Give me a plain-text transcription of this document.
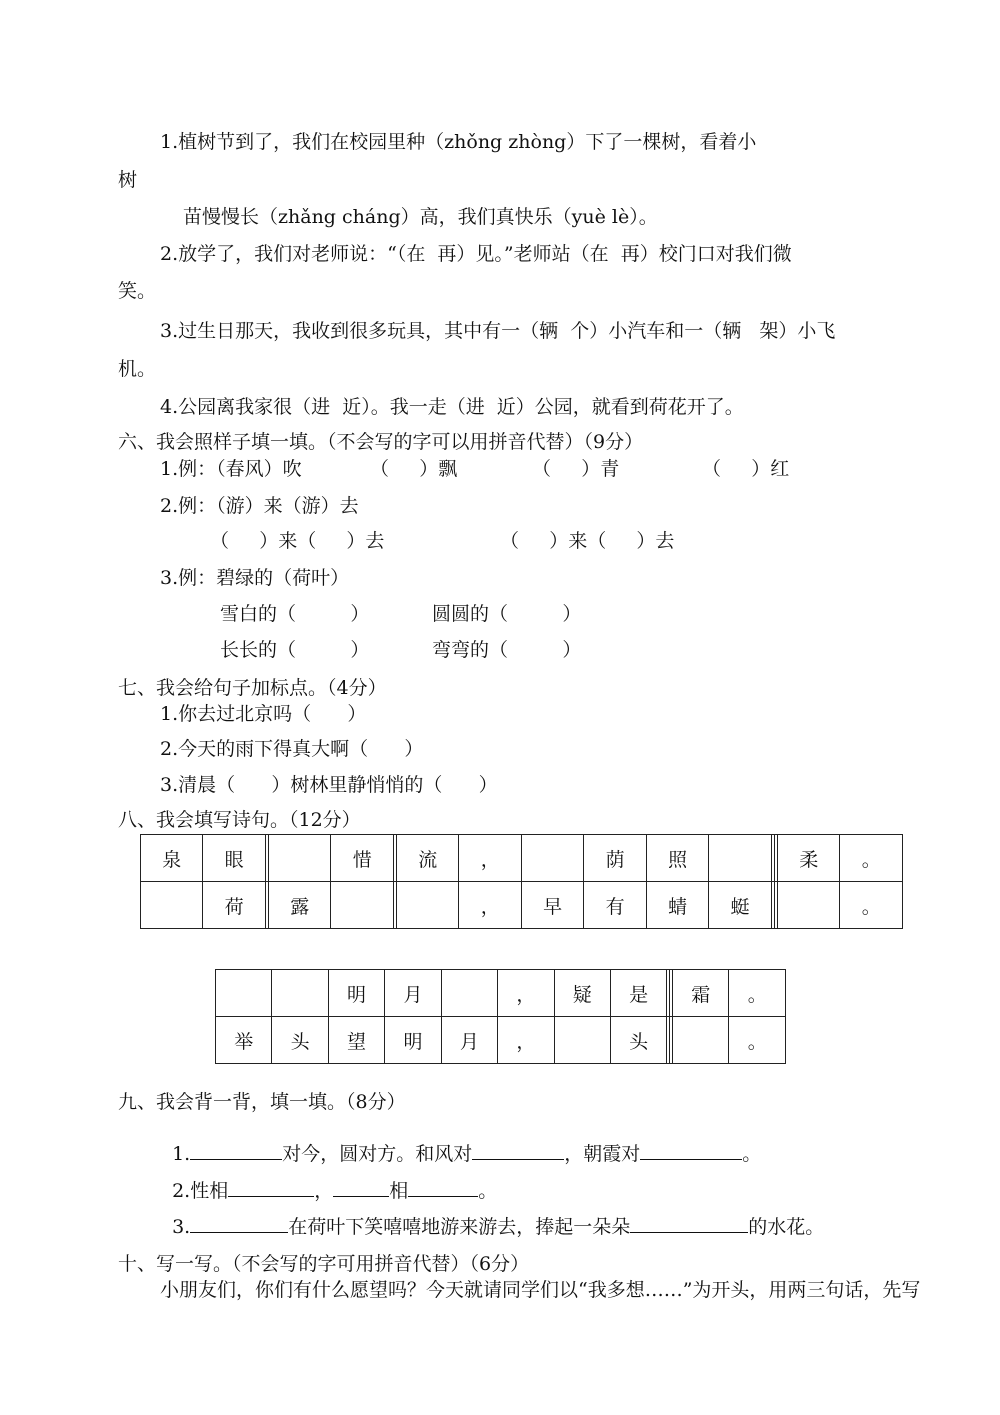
1.植树节到了，我们在校园里种（zhǒng zhòng）下了一棵树，看着小
树
苗慢慢长（zhǎng cháng）高，我们真快乐（yuè lè）。
2.放学了，我们对老师说：“（在  再）见。”老师站（在  再）校门口对我们微
笑。
3.过生日那天，我收到很多玩具，其中有一（辆  个）小汽车和一（辆   架）小飞
机。
4.公园离我家很（进  近）。我一走（进  近）公园，就看到荷花开了。
六、我会照样子填一填。（不会写的字可以用拼音代替）（9分）
1.例：（春风）吹	（     ）飘	（     ）青	（     ）红
2.例：（游）来（游）去
（     ）来（     ）去	（     ）来（     ）去
3.例：碧绿的（荷叶）
雪白的（         ）	圆圆的（         ）
长长的（         ）	弯弯的（         ）
七、我会给句子加标点。（4分）
1.你去过北京吗（      ）
2.今天的雨下得真大啊（      ）
3.清晨（      ）树林里静悄悄的（      ）
八、我会填写诗句。（12分）
泉	眼			惜		流	，		荫	照				柔	。
	荷		露				，	早	有	蜻	蜓				。
		明	月		，	疑	是			霜	。
举	头	望	明	月	，		头				。
九、我会背一背，填一填。（8分）

1.	对今，圆对方。和风对	，朝霞对	。

2.性相	，	相	。

3.	在荷叶下笑嘻嘻地游来游去，捧起一朵朵	的水花。

十、写一写。（不会写的字可用拼音代替）（6分）
小朋友们，你们有什么愿望吗？今天就请同学们以“我多想……”为开头，用两三句话，先写
